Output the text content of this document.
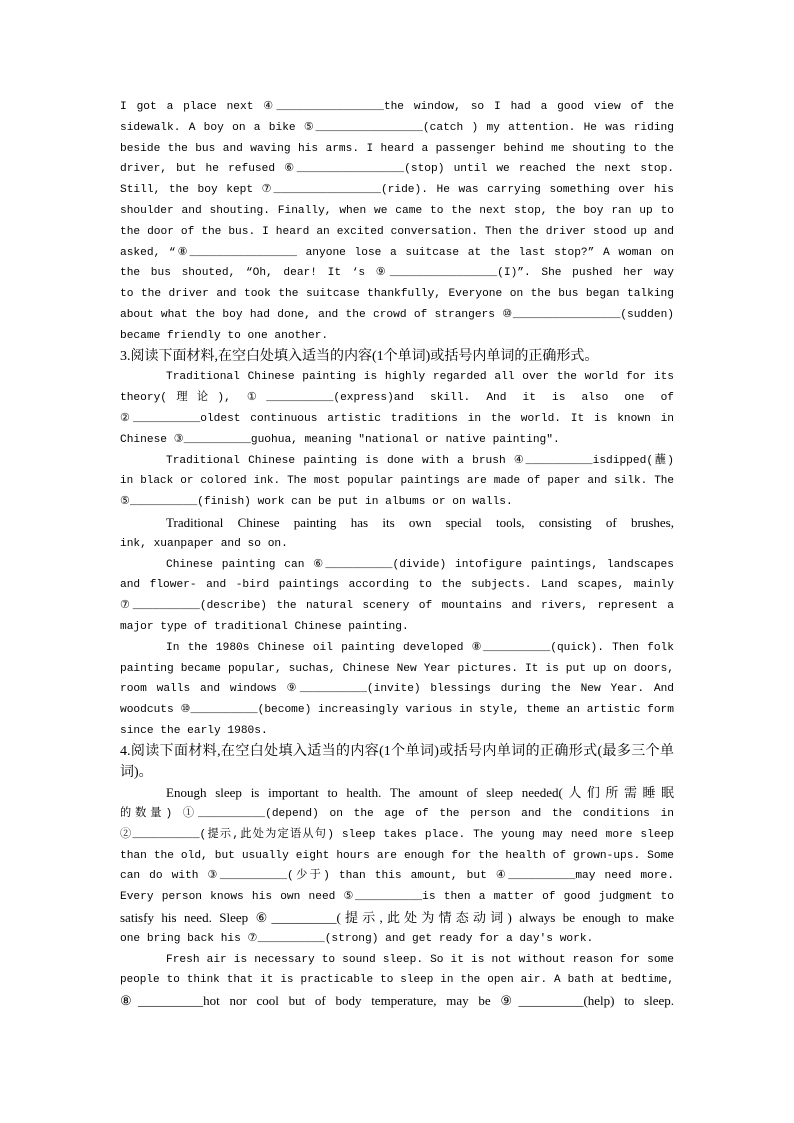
I got a place next ④________________the window, so I had a good view of the
sidewalk. A boy on a bike ⑤________________(catch ) my attention. He was riding
beside the bus and waving his arms. I heard a passenger behind me shouting to the
driver, but he refused ⑥________________(stop) until we reached the next stop.
Still, the boy kept ⑦________________(ride). He was carrying something over his
shoulder and shouting. Finally, when we came to the next stop, the boy ran up to
the door of the bus. I heard an excited conversation. Then the driver stood up and
asked, “⑧________________ anyone lose a suitcase at the last stop?” A woman on
the bus shouted, “Oh, dear! It ‘s ⑨________________(I)”. She pushed her way
to the driver and took the suitcase thankfully, Everyone on the bus began talking
about what the boy had done, and the crowd of strangers ⑩________________(sudden)
became friendly to one another.
3.阅读下面材料,在空白处填入适当的内容(1个单词)或括号内单词的正确形式。
Traditional Chinese painting is highly regarded all over the world for its
theory(理论), ①__________(express)and skill. And it is also one of
②__________oldest continuous artistic traditions in the world. It is known in
Chinese ③__________guohua, meaning ″national or native painting″.
Traditional Chinese painting is done with a brush ④__________isdipped(蘸)
in black or colored ink. The most popular paintings are made of paper and silk. The
⑤__________(finish) work can be put in albums or on walls.
Traditional Chinese painting has its own special tools, consisting of brushes,
ink, xuanpaper and so on.
Chinese painting can ⑥__________(divide) intofigure paintings, landscapes
and flower- and -bird paintings according to the subjects. Land scapes, mainly
⑦__________(describe) the natural scenery of mountains and rivers, represent a
major type of traditional Chinese painting.
In the 1980s Chinese oil painting developed ⑧__________(quick). Then folk
painting became popular, suchas, Chinese New Year pictures. It is put up on doors,
room walls and windows ⑨__________(invite) blessings during the New Year. And
woodcuts ⑩__________(become) increasingly various in style, theme an artistic form
since the early 1980s.
4.阅读下面材料,在空白处填入适当的内容(1个单词)或括号内单词的正确形式(最多三个单
词)。
Enough sleep is important to health. The amount of sleep needed(人们所需睡眠
的数量) ①__________(depend) on the age of the person and the conditions in
②__________(提示,此处为定语从句) sleep takes place. The young may need more sleep
than the old, but usually eight hours are enough for the health of grown-ups. Some
can do with ③__________(少于) than this amount, but ④__________may need more.
Every person knows his own need ⑤__________is then a matter of good judgment to
satisfy his need. Sleep ⑥__________(提示,此处为情态动词) always be enough to make
one bring back his ⑦__________(strong) and get ready for a day's work.
Fresh air is necessary to sound sleep. So it is not without reason for some
people to think that it is practicable to sleep in the open air. A bath at bedtime,
⑧__________hot nor cool but of body temperature, may be ⑨__________(help) to sleep.
